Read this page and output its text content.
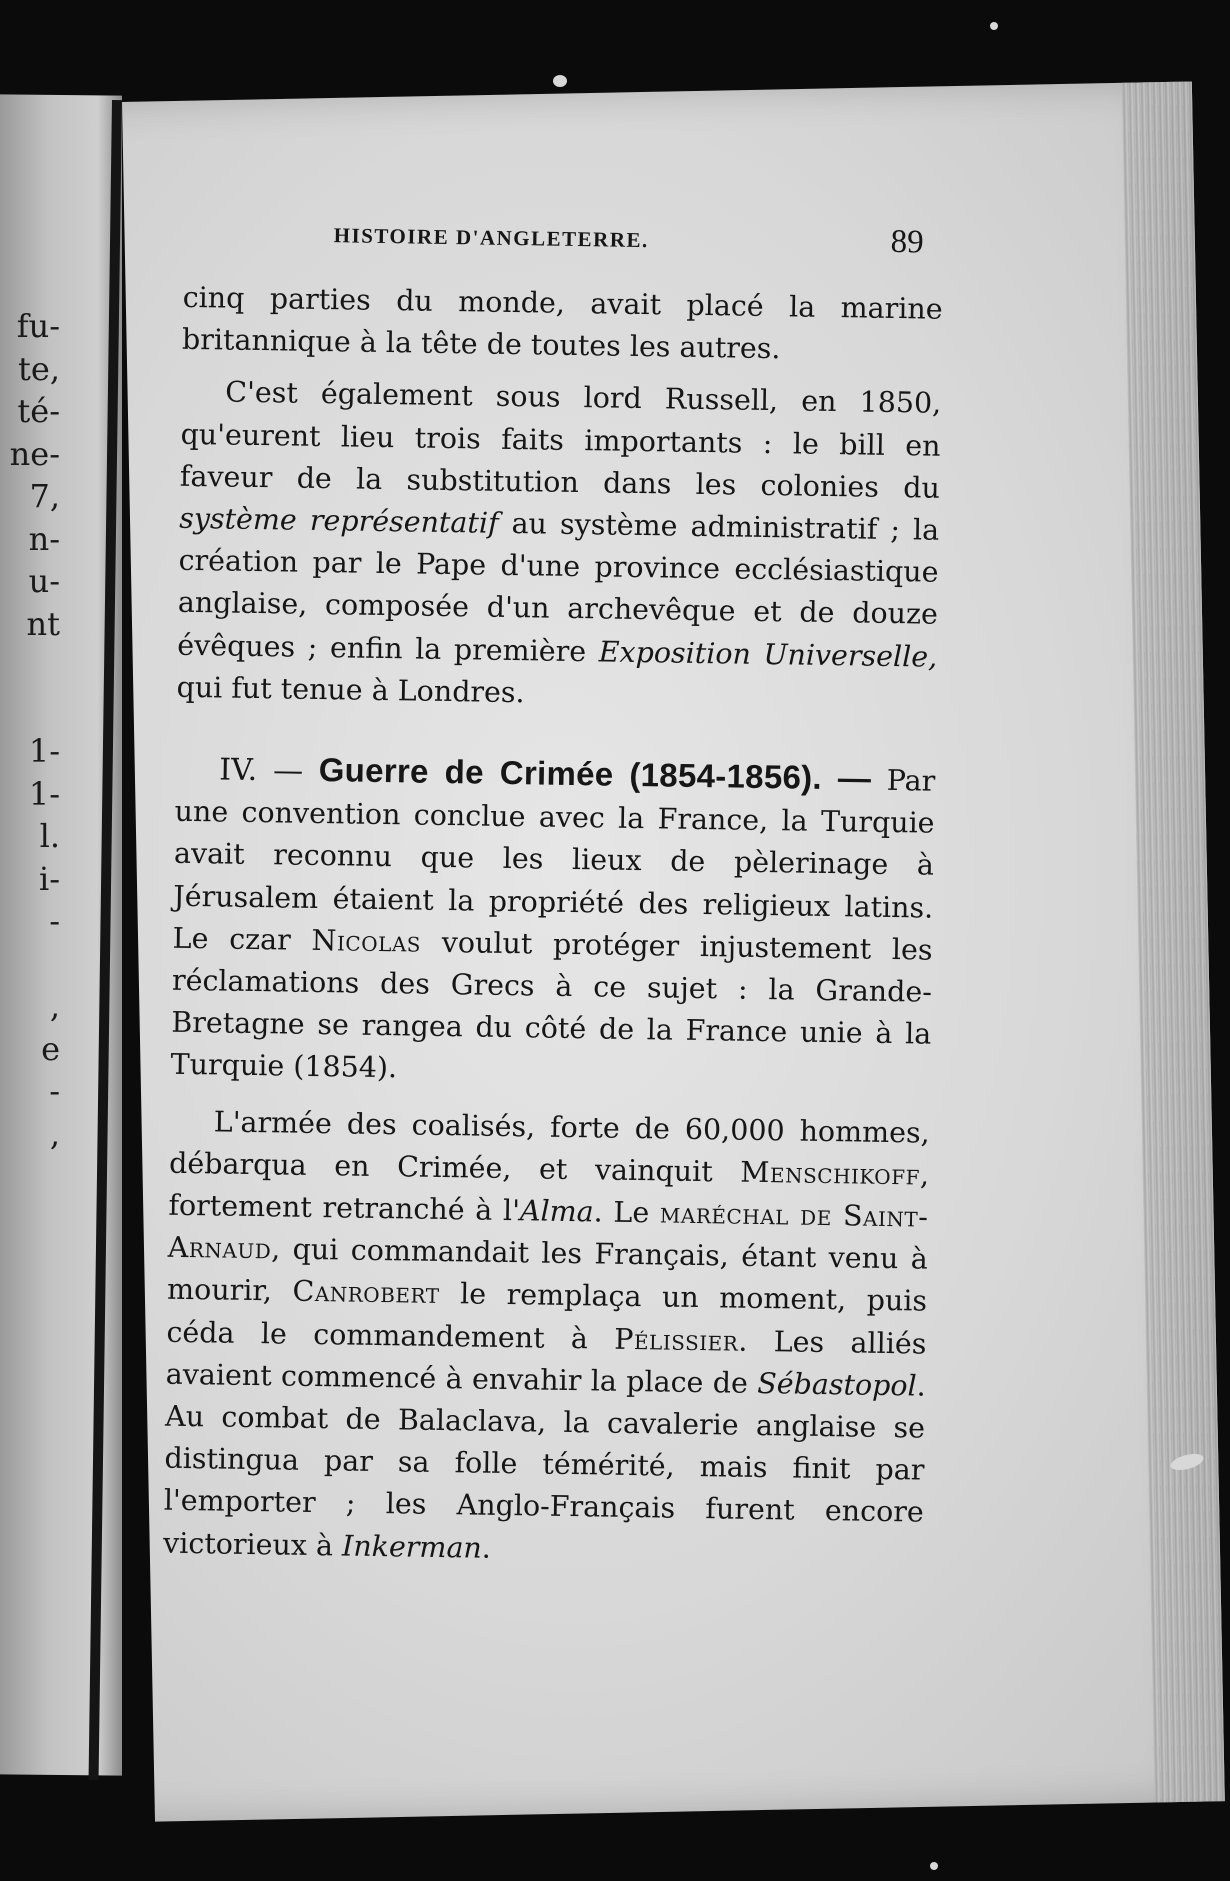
fu-
te,
té-
ne-
7,
n-
u-
nt
1-
1-
l.
i-
-
,
e
-
,
HISTOIRE D'ANGLETERRE.	89

cinq parties du monde, avait placé la marine britannique à la tête de toutes les autres.

C'est également sous lord Russell, en 1850, qu'eurent lieu trois faits importants : le bill en faveur de la substitution dans les colonies du système représentatif au système administratif ; la création par le Pape d'une province ecclésiastique anglaise, composée d'un archevêque et de douze évêques ; enfin la première Exposition Universelle, qui fut tenue à Londres.

IV. — Guerre de Crimée (1854-1856). — Par une convention conclue avec la France, la Turquie avait reconnu que les lieux de pèlerinage à Jérusalem étaient la propriété des religieux latins. Le czar Nicolas voulut protéger injustement les réclamations des Grecs à ce sujet : la Grande-Bretagne se rangea du côté de la France unie à la Turquie (1854).

L'armée des coalisés, forte de 60,000 hommes, débarqua en Crimée, et vainquit Menschikoff, fortement retranché à l'Alma. Le maréchal de Saint-Arnaud, qui commandait les Français, étant venu à mourir, Canrobert le remplaça un moment, puis céda le commandement à Pélissier. Les alliés avaient commencé à envahir la place de Sébastopol. Au combat de Balaclava, la cavalerie anglaise se distingua par sa folle témérité, mais finit par l'emporter ; les Anglo-Français furent encore victorieux à Inkerman.
